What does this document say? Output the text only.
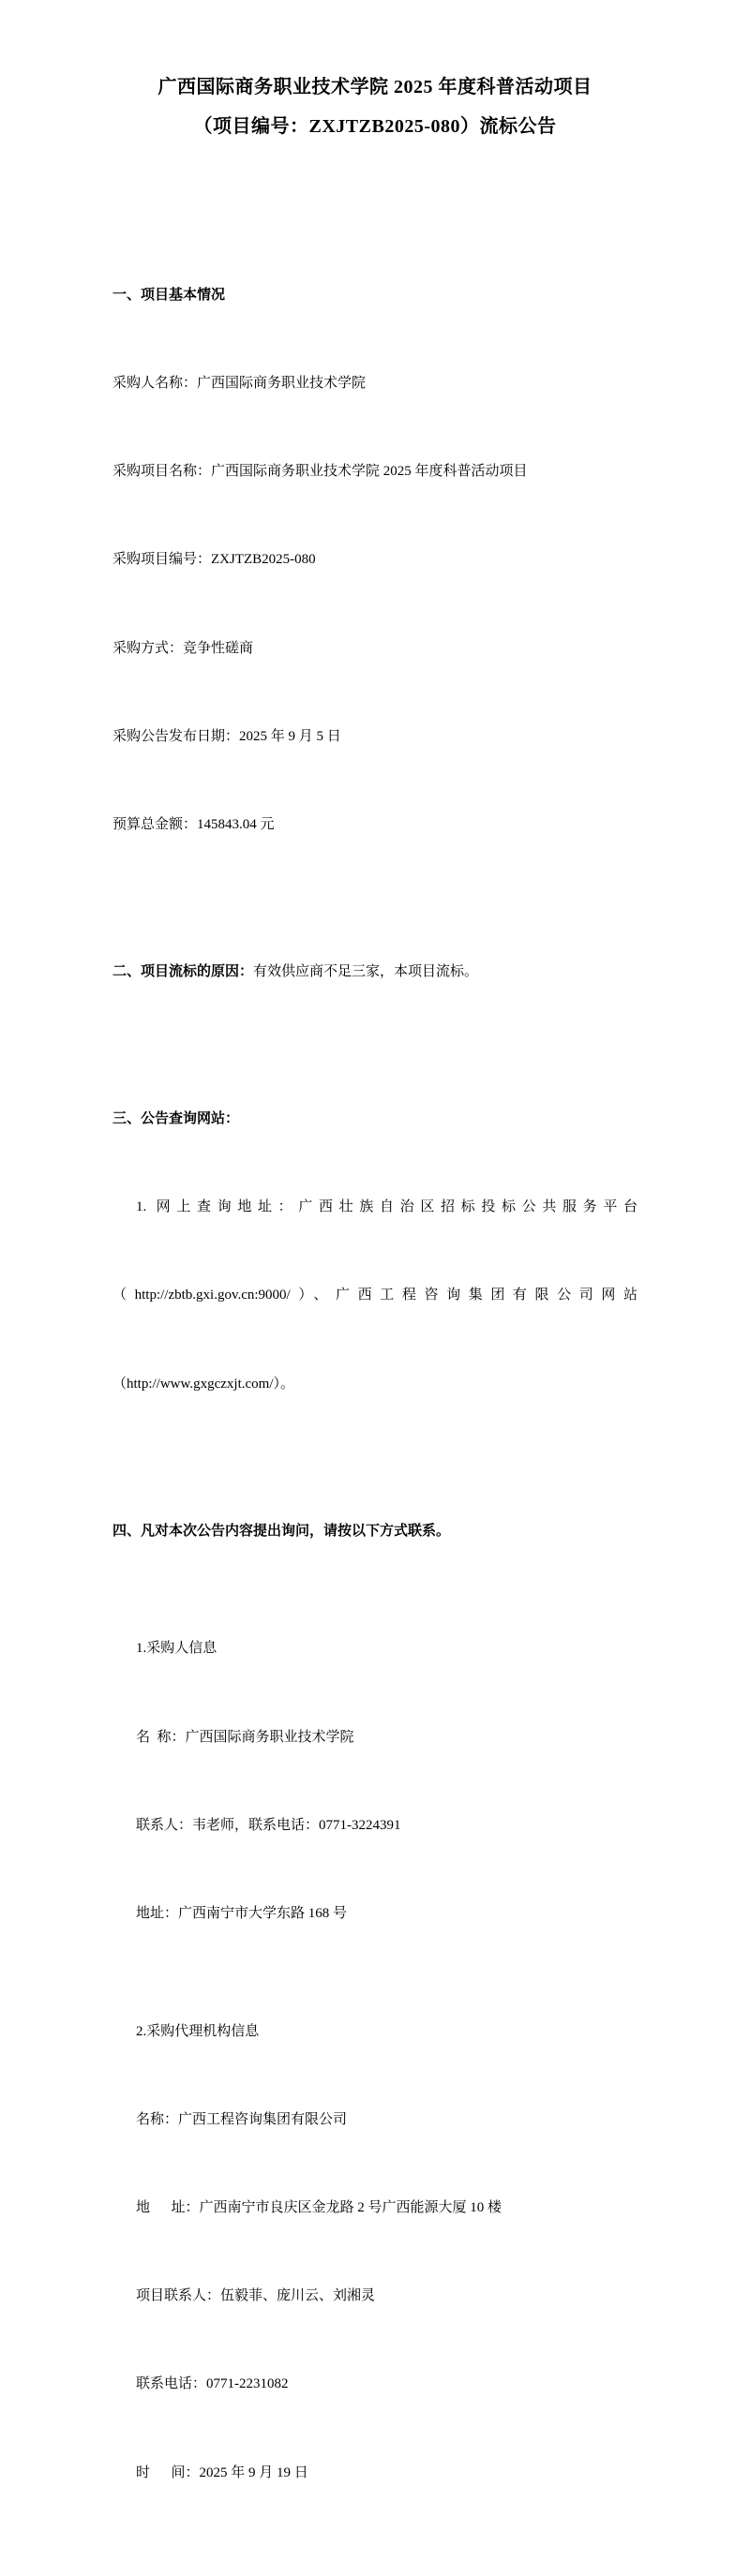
广西国际商务职业技术学院 2025 年度科普活动项目
（项目编号：ZXJTZB2025-080）流标公告

一、项目基本情况

采购人名称：广西国际商务职业技术学院

采购项目名称：广西国际商务职业技术学院 2025 年度科普活动项目

采购项目编号：ZXJTZB2025-080

采购方式：竞争性磋商

采购公告发布日期：2025 年 9 月 5 日

预算总金额：145843.04 元

二、项目流标的原因：有效供应商不足三家，本项目流标。

三、公告查询网站：

1. 网上查询地址：广西壮族自治区招标投标公共服务平台

（http://zbtb.gxi.gov.cn:9000/）、广西工程咨询集团有限公司网站

（http://www.gxgczxjt.com/）。

四、凡对本次公告内容提出询问，请按以下方式联系。

1.采购人信息

名  称：广西国际商务职业技术学院

联系人：韦老师，联系电话：0771-3224391

地址：广西南宁市大学东路 168 号

2.采购代理机构信息

名称：广西工程咨询集团有限公司

地      址：广西南宁市良庆区金龙路 2 号广西能源大厦 10 楼

项目联系人：伍毅菲、庞川云、刘湘灵

联系电话：0771-2231082

时      间：2025 年 9 月 19 日
